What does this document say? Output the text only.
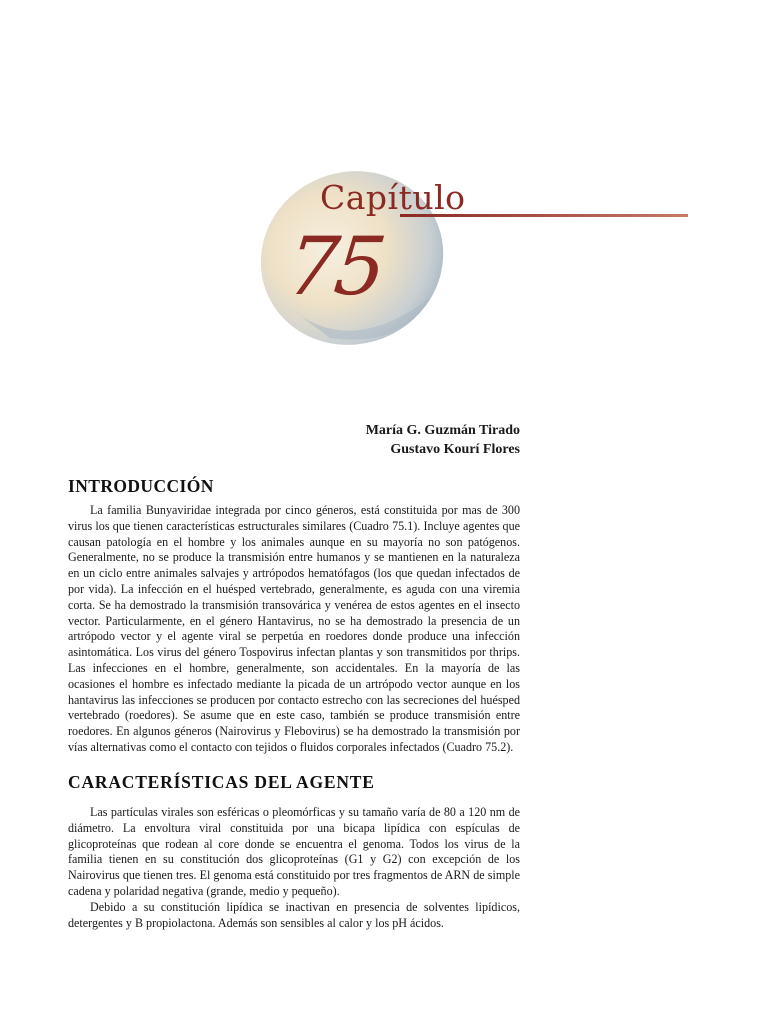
Capítulo
75
María G. Guzmán Tirado
Gustavo Kourí Flores
INTRODUCCIÓN

La familia Bunyaviridae integrada por cinco géneros, está constituida por mas de 300 virus los que tienen características estructurales similares (Cuadro 75.1). Incluye agentes que causan patología en el hombre y los animales aunque en su mayoría no son patógenos. Generalmente, no se produce la transmisión entre humanos y se mantienen en la naturaleza en un ciclo entre animales salvajes y artrópodos hematófagos (los que quedan infectados de por vida). La infección en el huésped vertebrado, generalmente, es aguda con una viremia corta. Se ha demostrado la transmisión transovárica y venérea de estos agentes en el insecto vector. Particularmente, en el género Hantavirus, no se ha demostrado la presencia de un artrópodo vector y el agente viral se perpetúa en roedores donde produce una infección asintomática. Los virus del género Tospovirus infectan plantas y son transmitidos por thrips. Las infecciones en el hombre, generalmente, son accidentales. En la mayoría de las ocasiones el hombre es infectado mediante la picada de un artrópodo vector aunque en los hantavirus las infecciones se producen por contacto estrecho con las secreciones del huésped vertebrado (roedores). Se asume que en este caso, también se produce transmisión entre roedores. En algunos géneros (Nairovirus y Flebovirus) se ha demostrado la transmisión por vías alternativas como el contacto con tejidos o fluidos corporales infectados (Cuadro 75.2).

CARACTERÍSTICAS DEL AGENTE

Las partículas virales son esféricas o pleomórficas y su tamaño varía de 80 a 120 nm de diámetro. La envoltura viral constituida por una bicapa lipídica con espículas de glicoproteínas que rodean al core donde se encuentra el genoma. Todos los virus de la familia tienen en su constitución dos glicoproteínas (G1 y G2) con excepción de los Nairovirus que tienen tres. El genoma está constituido por tres fragmentos de ARN de simple cadena y polaridad negativa (grande, medio y pequeño).

Debido a su constitución lipídica se inactivan en presencia de solventes lipídicos, detergentes y B propiolactona. Además son sensibles al calor y los pH ácidos.
